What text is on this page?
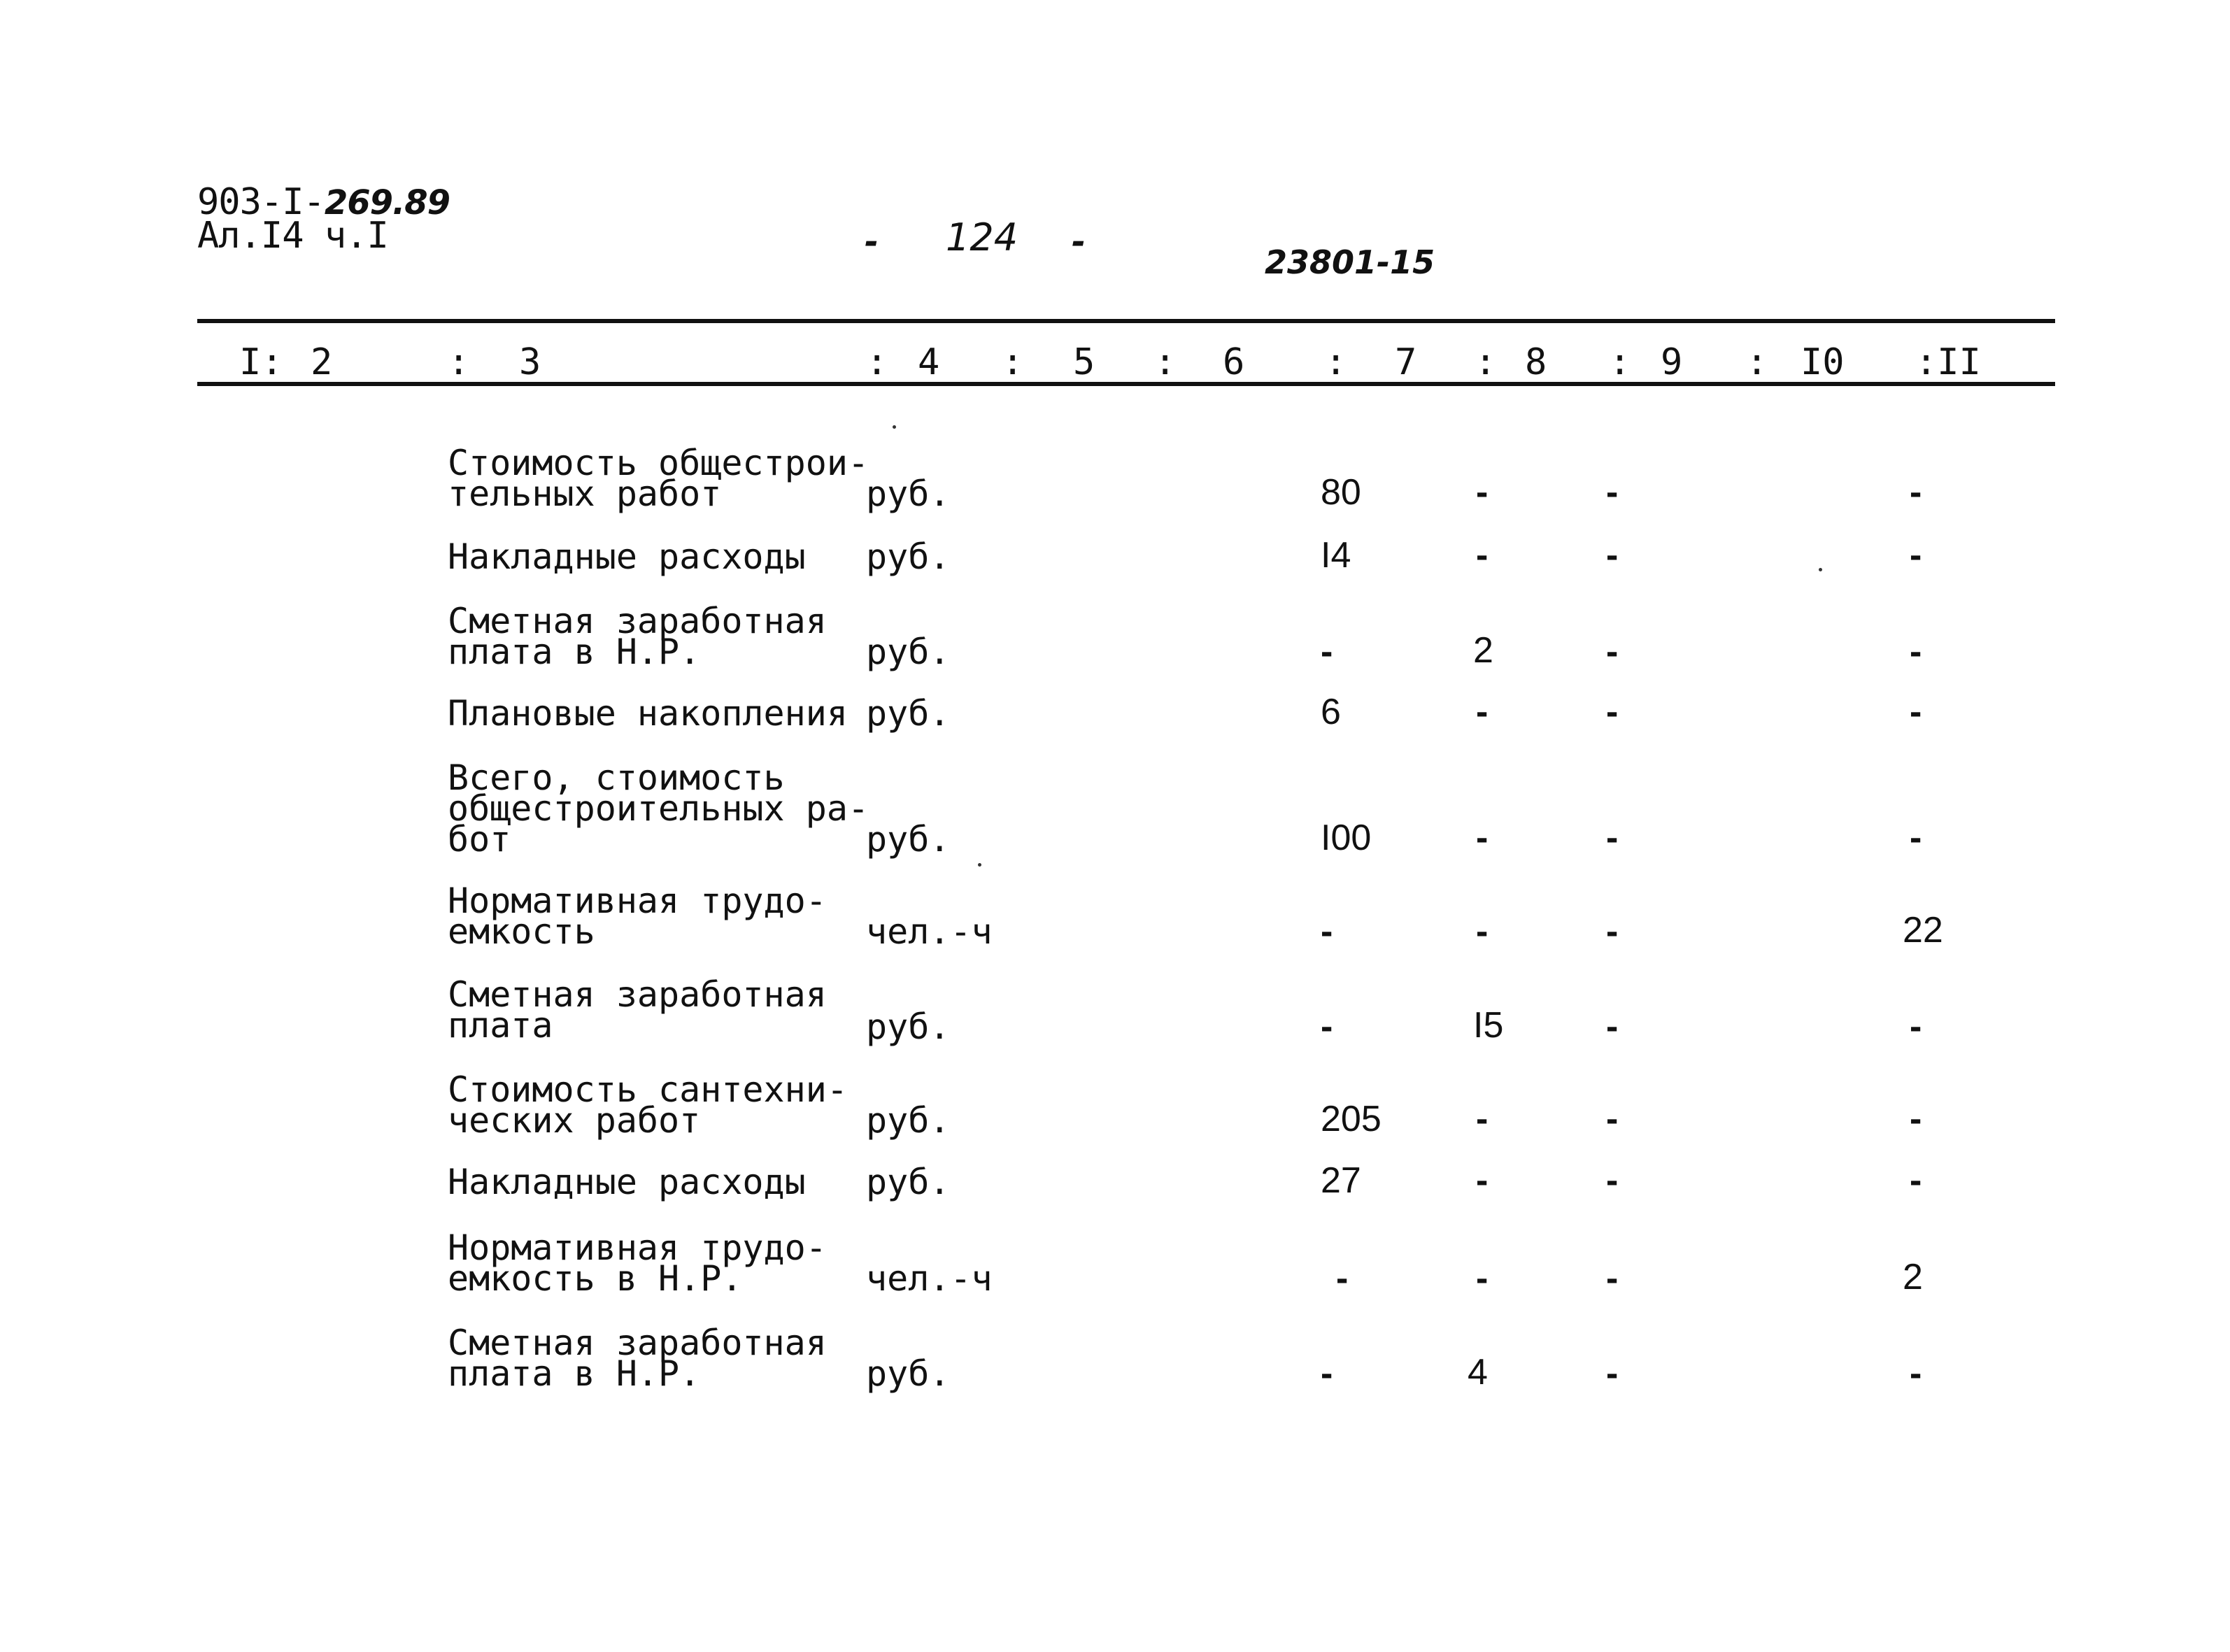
903-I-269.89
Ал.I4 ч.I	- 124 -
23801-15
I: 2	: 3	: 4 : 5 : 6 : 7 : 8 : 9 : I0 :II
Стоимость общестрои-
тельных работ	руб.	80	-	-	-
Накладные расходы руб.	I4	-	-	-
Сметная заработная
плата в Н.Р.	руб.	-	2	-	-
Плановые накопления руб.	6	-	-	-
Всего, стоимость
общестроительных ра-
бот	руб.	I00	-	-	-
Нормативная трудо-
емкость	чел.-ч	-	-	-	22
Сметная заработная
плата	руб.	-	I5	-	-
Стоимость сантехни-
ческих работ	руб.	205	-	-	-
Накладные расходы руб.	27	-	-	-
Нормативная трудо-
емкость в Н.Р.	чел.-ч	-	-	-	2
Сметная заработная
плата в Н.Р.	руб.	-	4	-	-
